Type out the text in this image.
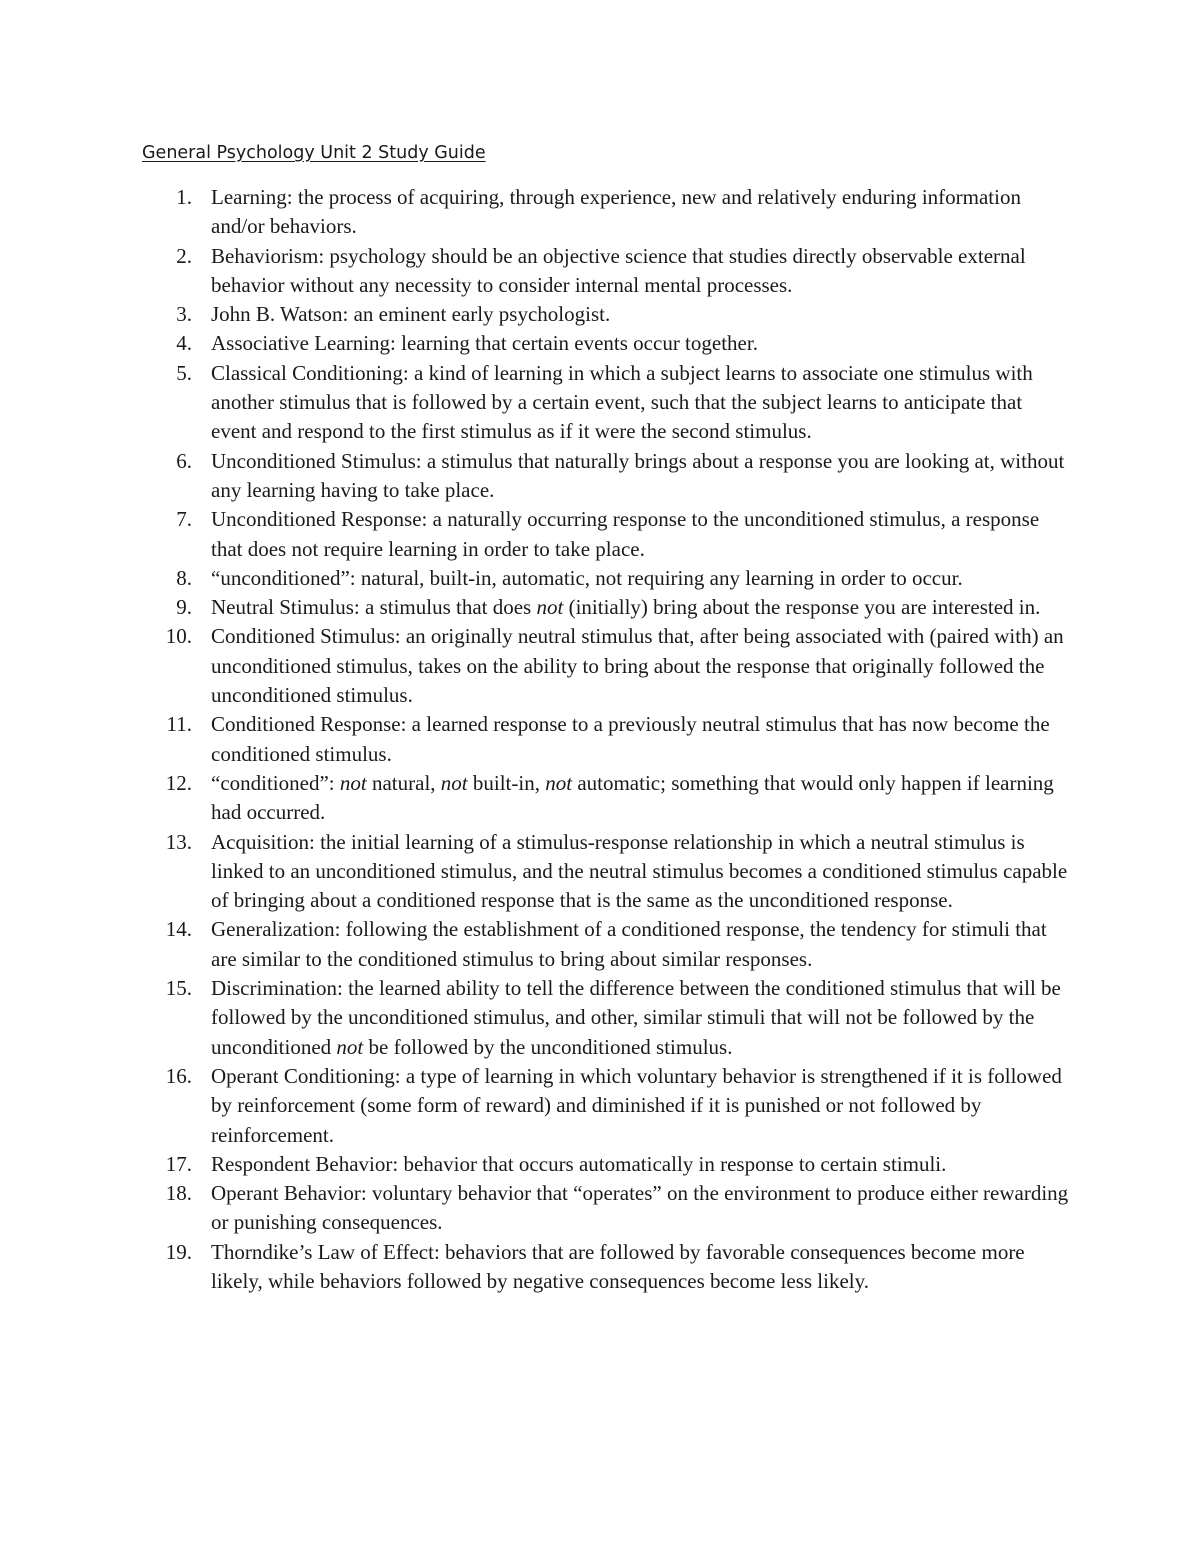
General Psychology Unit 2 Study Guide
1. Learning: the process of acquiring, through experience, new and relatively enduring information and/or behaviors.
2. Behaviorism: psychology should be an objective science that studies directly observable external behavior without any necessity to consider internal mental processes.
3. John B. Watson: an eminent early psychologist.
4. Associative Learning: learning that certain events occur together.
5. Classical Conditioning: a kind of learning in which a subject learns to associate one stimulus with another stimulus that is followed by a certain event, such that the subject learns to anticipate that event and respond to the first stimulus as if it were the second stimulus.
6. Unconditioned Stimulus: a stimulus that naturally brings about a response you are looking at, without any learning having to take place.
7. Unconditioned Response: a naturally occurring response to the unconditioned stimulus, a response that does not require learning in order to take place.
8. “unconditioned”: natural, built-in, automatic, not requiring any learning in order to occur.
9. Neutral Stimulus: a stimulus that does not (initially) bring about the response you are interested in.
10. Conditioned Stimulus: an originally neutral stimulus that, after being associated with (paired with) an unconditioned stimulus, takes on the ability to bring about the response that originally followed the unconditioned stimulus.
11. Conditioned Response: a learned response to a previously neutral stimulus that has now become the conditioned stimulus.
12. “conditioned”: not natural, not built-in, not automatic; something that would only happen if learning had occurred.
13. Acquisition: the initial learning of a stimulus-response relationship in which a neutral stimulus is linked to an unconditioned stimulus, and the neutral stimulus becomes a conditioned stimulus capable of bringing about a conditioned response that is the same as the unconditioned response.
14. Generalization: following the establishment of a conditioned response, the tendency for stimuli that are similar to the conditioned stimulus to bring about similar responses.
15. Discrimination: the learned ability to tell the difference between the conditioned stimulus that will be followed by the unconditioned stimulus, and other, similar stimuli that will not be followed by the unconditioned not be followed by the unconditioned stimulus.
16. Operant Conditioning: a type of learning in which voluntary behavior is strengthened if it is followed by reinforcement (some form of reward) and diminished if it is punished or not followed by reinforcement.
17. Respondent Behavior: behavior that occurs automatically in response to certain stimuli.
18. Operant Behavior: voluntary behavior that “operates” on the environment to produce either rewarding or punishing consequences.
19. Thorndike’s Law of Effect: behaviors that are followed by favorable consequences become more likely, while behaviors followed by negative consequences become less likely.
